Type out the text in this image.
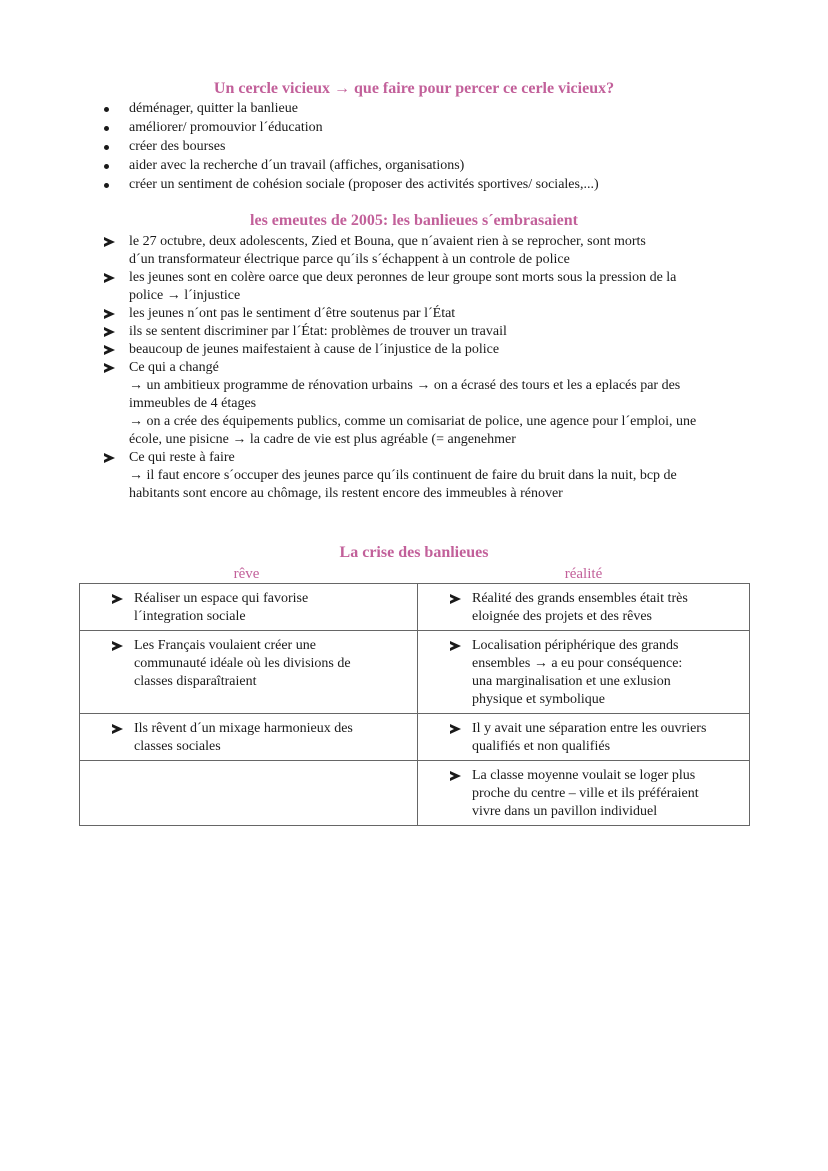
Un cercle vicieux → que faire pour percer ce cerle vicieux?
déménager, quitter la banlieue
améliorer/ promouvior l´éducation
créer des bourses
aider avec la recherche d´un travail (affiches, organisations)
créer un sentiment de cohésion sociale (proposer des activités sportives/ sociales,...)
les emeutes de 2005: les banlieues s´embrasaient
le 27 octubre, deux adolescents, Zied et Bouna, que n´avaient rien à se reprocher, sont morts
d´un transformateur électrique parce qu´ils s´échappent à un controle de police
les jeunes sont en colère oarce que deux peronnes de leur groupe sont morts sous la pression de la
police → l´injustice
les jeunes n´ont pas le sentiment d´être soutenus par l´État
ils se sentent discriminer par l´État: problèmes de trouver un travail
beaucoup de jeunes maifestaient à cause de l´injustice de la police
Ce qui a changé
→ un ambitieux programme de rénovation urbains → on a écrasé des tours et les a eplacés par des
immeubles de 4 étages
→ on a crée des équipements publics, comme un comisariat de police, une agence pour l´emploi, une
école, une pisicne → la cadre de vie est plus agréable (= angenehmer
Ce qui reste à faire
→ il faut encore s´occuper des jeunes parce qu´ils continuent de faire du bruit dans la nuit, bcp de
habitants sont encore au chômage, ils restent encore des immeubles à rénover
La crise des banlieues
rêve	réalité
Réaliser un espace qui favorise
l´integration sociale	Réalité des grands ensembles était très
eloignée des projets et des rêves

Les Français voulaient créer une
communauté idéale où les divisions de
classes disparaîtraient	Localisation périphérique des grands
ensembles → a eu pour conséquence:
una marginalisation et une exlusion
physique et symbolique

Ils rêvent d´un mixage harmonieux des
classes sociales	Il y avait une séparation entre les ouvriers
qualifiés et non qualifiés

	La classe moyenne voulait se loger plus
proche du centre – ville et ils préféraient
vivre dans un pavillon individuel
